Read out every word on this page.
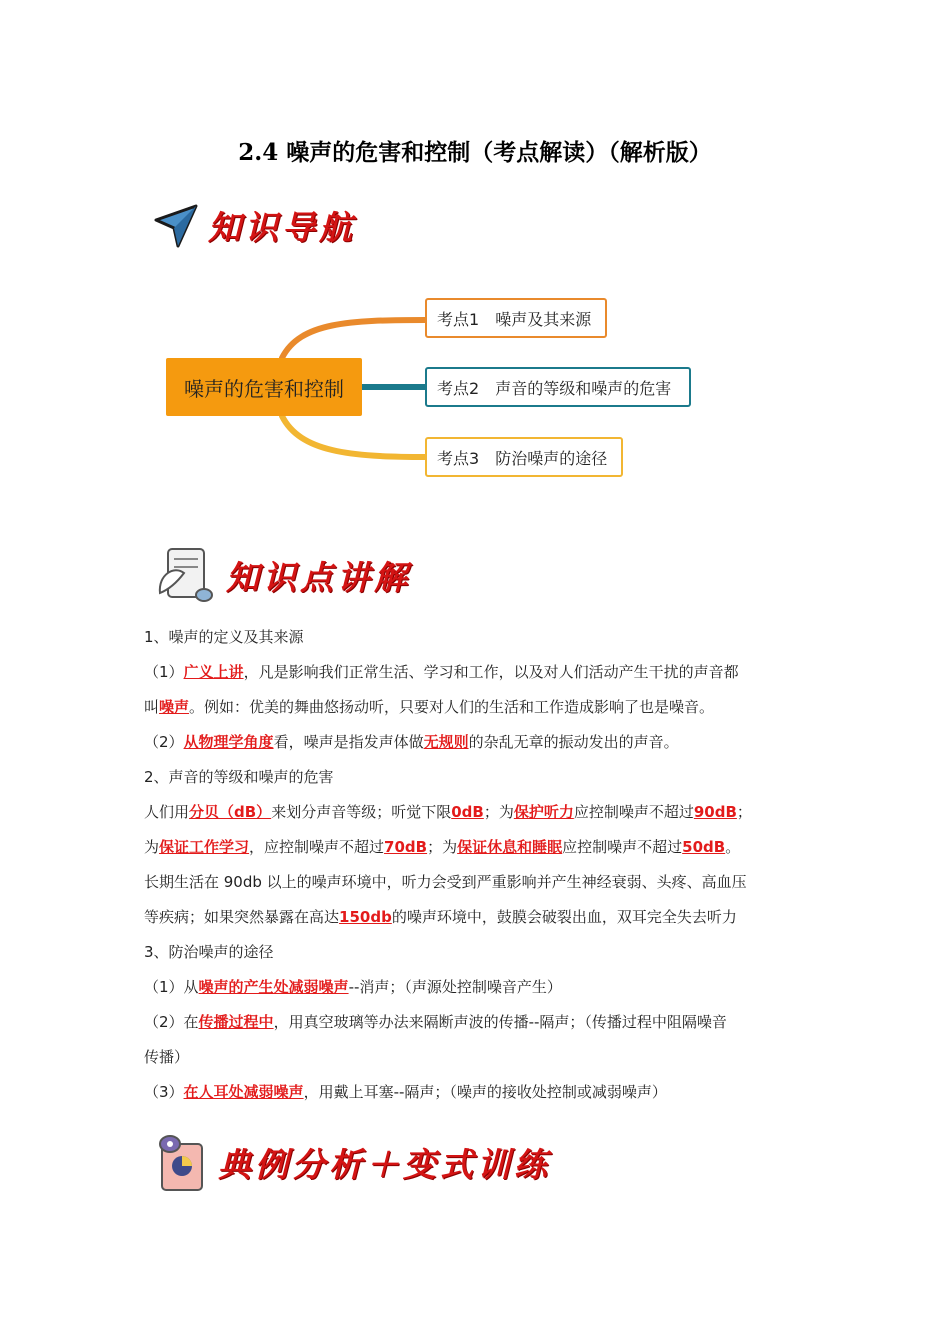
2.4 噪声的危害和控制（考点解读）（解析版）
知识导航
噪声的危害和控制
考点1 噪声及其来源
考点2 声音的等级和噪声的危害
考点3 防治噪声的途径
知识点讲解
1、噪声的定义及其来源
（1）广义上讲，凡是影响我们正常生活、学习和工作，以及对人们活动产生干扰的声音都
叫噪声。例如：优美的舞曲悠扬动听，只要对人们的生活和工作造成影响了也是噪音。
（2）从物理学角度看，噪声是指发声体做无规则的杂乱无章的振动发出的声音。
2、声音的等级和噪声的危害
人们用分贝（dB）来划分声音等级；听觉下限0dB；为保护听力应控制噪声不超过90dB；
为保证工作学习，应控制噪声不超过70dB；为保证休息和睡眠应控制噪声不超过50dB。
长期生活在 90db 以上的噪声环境中，听力会受到严重影响并产生神经衰弱、头疼、高血压
等疾病；如果突然暴露在高达150db的噪声环境中，鼓膜会破裂出血，双耳完全失去听力
3、防治噪声的途径
（1）从噪声的产生处减弱噪声--消声；（声源处控制噪音产生）
（2）在传播过程中，用真空玻璃等办法来隔断声波的传播--隔声；（传播过程中阻隔噪音
传播）
（3）在人耳处减弱噪声，用戴上耳塞--隔声；（噪声的接收处控制或减弱噪声）
典例分析＋变式训练
